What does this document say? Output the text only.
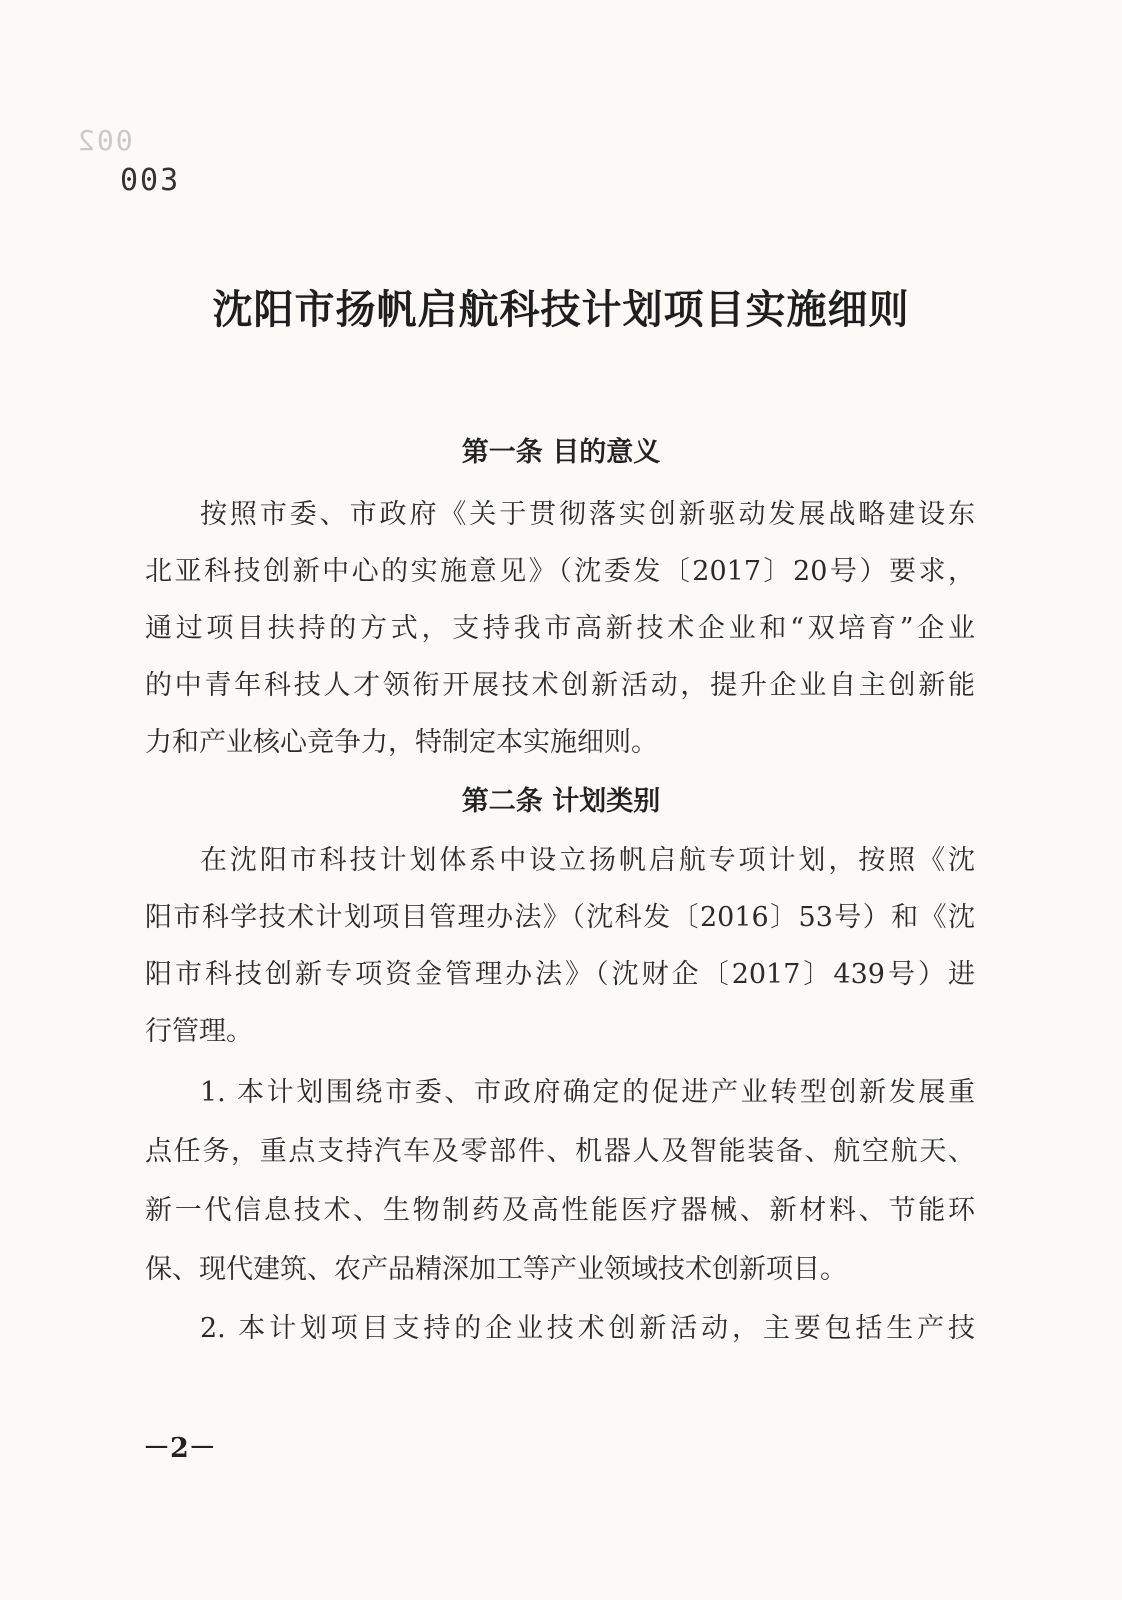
002
003
沈阳市扬帆启航科技计划项目实施细则
第一条 目的意义
按照市委、市政府《关于贯彻落实创新驱动发展战略建设东
北亚科技创新中心的实施意见》（沈委发〔2017〕20号）要求，
通过项目扶持的方式，支持我市高新技术企业和“双培育”企业
的中青年科技人才领衔开展技术创新活动，提升企业自主创新能
力和产业核心竞争力，特制定本实施细则。
第二条 计划类别
在沈阳市科技计划体系中设立扬帆启航专项计划，按照《沈
阳市科学技术计划项目管理办法》（沈科发〔2016〕53号）和《沈
阳市科技创新专项资金管理办法》（沈财企〔2017〕439号）进
行管理。
1. 本计划围绕市委、市政府确定的促进产业转型创新发展重
点任务，重点支持汽车及零部件、机器人及智能装备、航空航天、
新一代信息技术、生物制药及高性能医疗器械、新材料、节能环
保、现代建筑、农产品精深加工等产业领域技术创新项目。
2. 本计划项目支持的企业技术创新活动，主要包括生产技
－2－
